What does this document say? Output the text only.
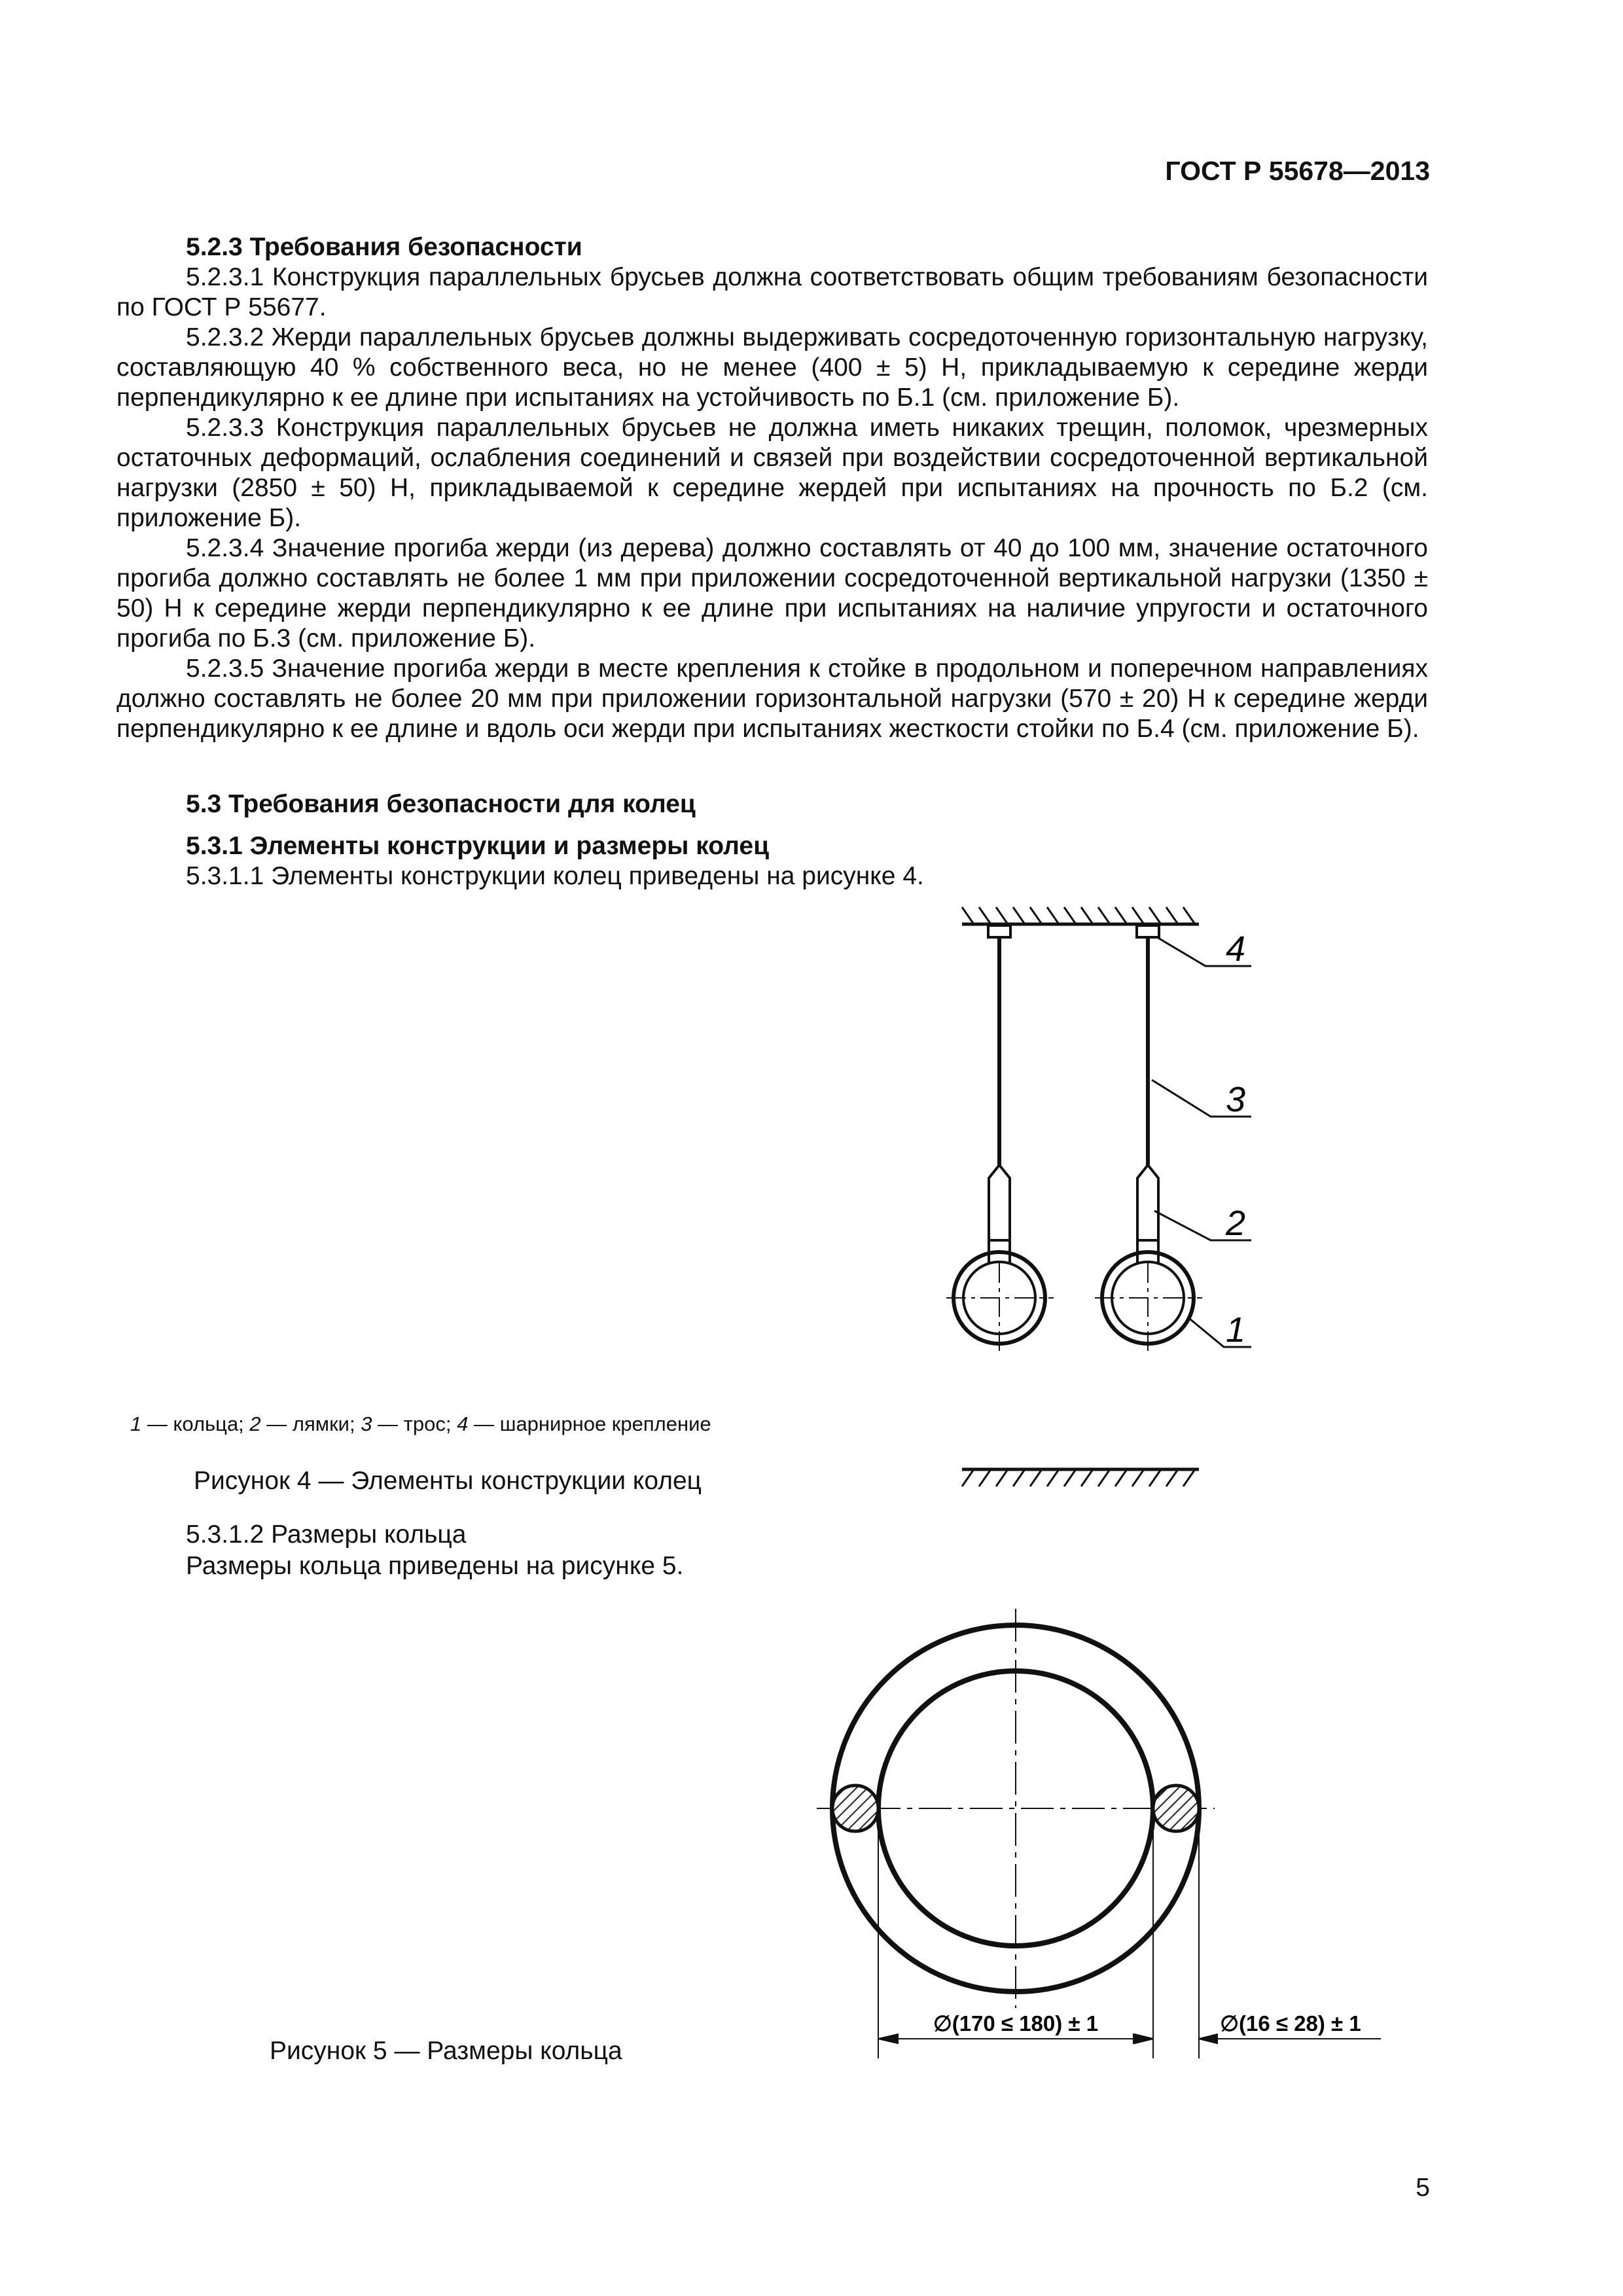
ГОСТ Р 55678—2013
5.2.3 Требования безопасности

5.2.3.1 Конструкция параллельных брусьев должна соответствовать общим требованиям безопасности по ГОСТ Р 55677.

5.2.3.2 Жерди параллельных брусьев должны выдерживать сосредоточенную горизонтальную нагрузку, составляющую 40 % собственного веса, но не менее (400 ± 5) Н, прикладываемую к середине жерди перпендикулярно к ее длине при испытаниях на устойчивость по Б.1 (см. приложение Б).

5.2.3.3 Конструкция параллельных брусьев не должна иметь никаких трещин, поломок, чрезмерных остаточных деформаций, ослабления соединений и связей при воздействии сосредоточенной вертикальной нагрузки (2850 ± 50) Н, прикладываемой к середине жердей при испытаниях на прочность по Б.2 (см. приложение Б).

5.2.3.4 Значение прогиба жерди (из дерева) должно составлять от 40 до 100 мм, значение остаточного прогиба должно составлять не более 1 мм при приложении сосредоточенной вертикальной нагрузки (1350 ± 50) Н к середине жерди перпендикулярно к ее длине при испытаниях на наличие упругости и остаточного прогиба по Б.3 (см. приложение Б).

5.2.3.5 Значение прогиба жерди в месте крепления к стойке в продольном и поперечном направлениях должно составлять не более 20 мм при приложении горизонтальной нагрузки (570 ± 20) Н к середине жерди перпендикулярно к ее длине и вдоль оси жерди при испытаниях жесткости стойки по Б.4 (см. приложение Б).

5.3 Требования безопасности для колец
5.3.1 Элементы конструкции и размеры колец
5.3.1.1 Элементы конструкции колец приведены на рисунке 4.
1 — кольца; 2 — лямки; 3 — трос; 4 — шарнирное крепление
Рисунок 4 — Элементы конструкции колец
5.3.1.2 Размеры кольца
Размеры кольца приведены на рисунке 5.
Рисунок 5 — Размеры кольца
5
4
3
2
1
∅(170 ≤ 180) ± 1	∅(16 ≤ 28) ± 1
